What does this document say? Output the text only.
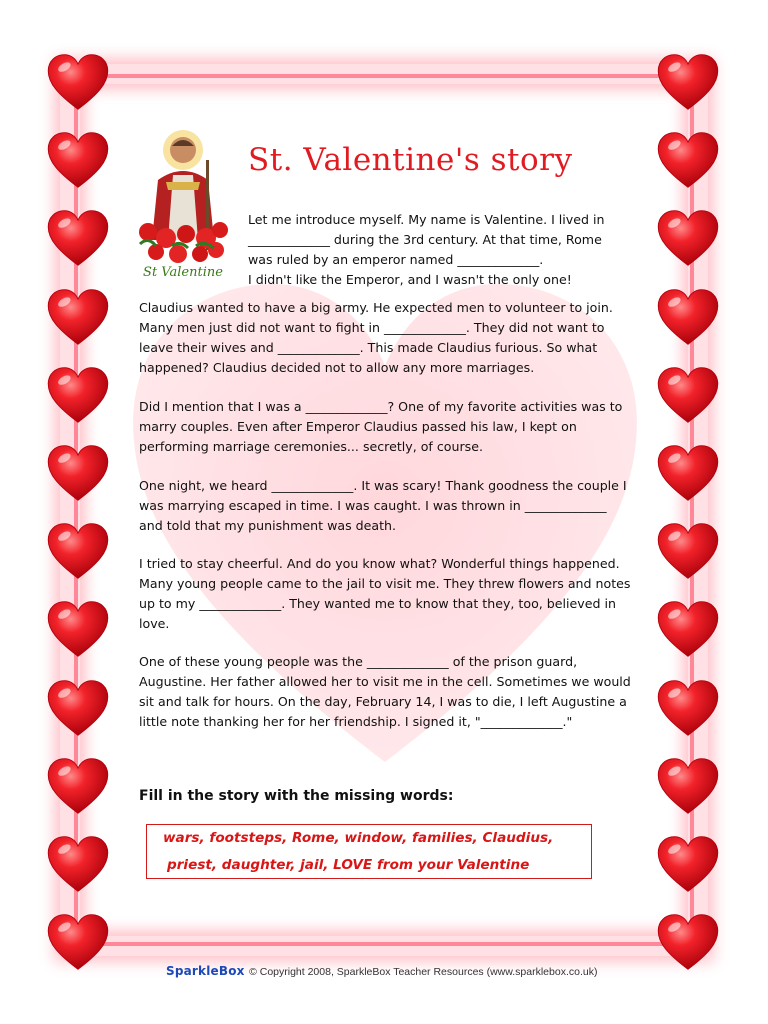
St Valentine
St. Valentine's story

Let me introduce myself. My name is Valentine. I lived in
_____________ during the 3rd century. At that time, Rome
was ruled by an emperor named _____________.
I didn't like the Emperor, and I wasn't the only one!

Claudius wanted to have a big army. He expected men to volunteer to join.
Many men just did not want to fight in _____________. They did not want to
leave their wives and _____________. This made Claudius furious. So what
happened? Claudius decided not to allow any more marriages.

Did I mention that I was a _____________? One of my favorite activities was to
marry couples. Even after Emperor Claudius passed his law, I kept on
performing marriage ceremonies... secretly, of course.

One night, we heard _____________. It was scary! Thank goodness the couple I
was marrying escaped in time. I was caught. I was thrown in _____________
and told that my punishment was death.

I tried to stay cheerful. And do you know what? Wonderful things happened.
Many young people came to the jail to visit me. They threw flowers and notes
up to my _____________. They wanted me to know that they, too, believed in
love.

One of these young people was the _____________ of the prison guard,
Augustine. Her father allowed her to visit me in the cell. Sometimes we would
sit and talk for hours. On the day, February 14, I was to die, I left Augustine a
little note thanking her for her friendship. I signed it, "_____________."

Fill in the story with the missing words:

wars, footsteps, Rome, window, families, Claudius,

priest, daughter, jail, LOVE from your Valentine

SparkleBox © Copyright 2008, SparkleBox Teacher Resources (www.sparklebox.co.uk)
